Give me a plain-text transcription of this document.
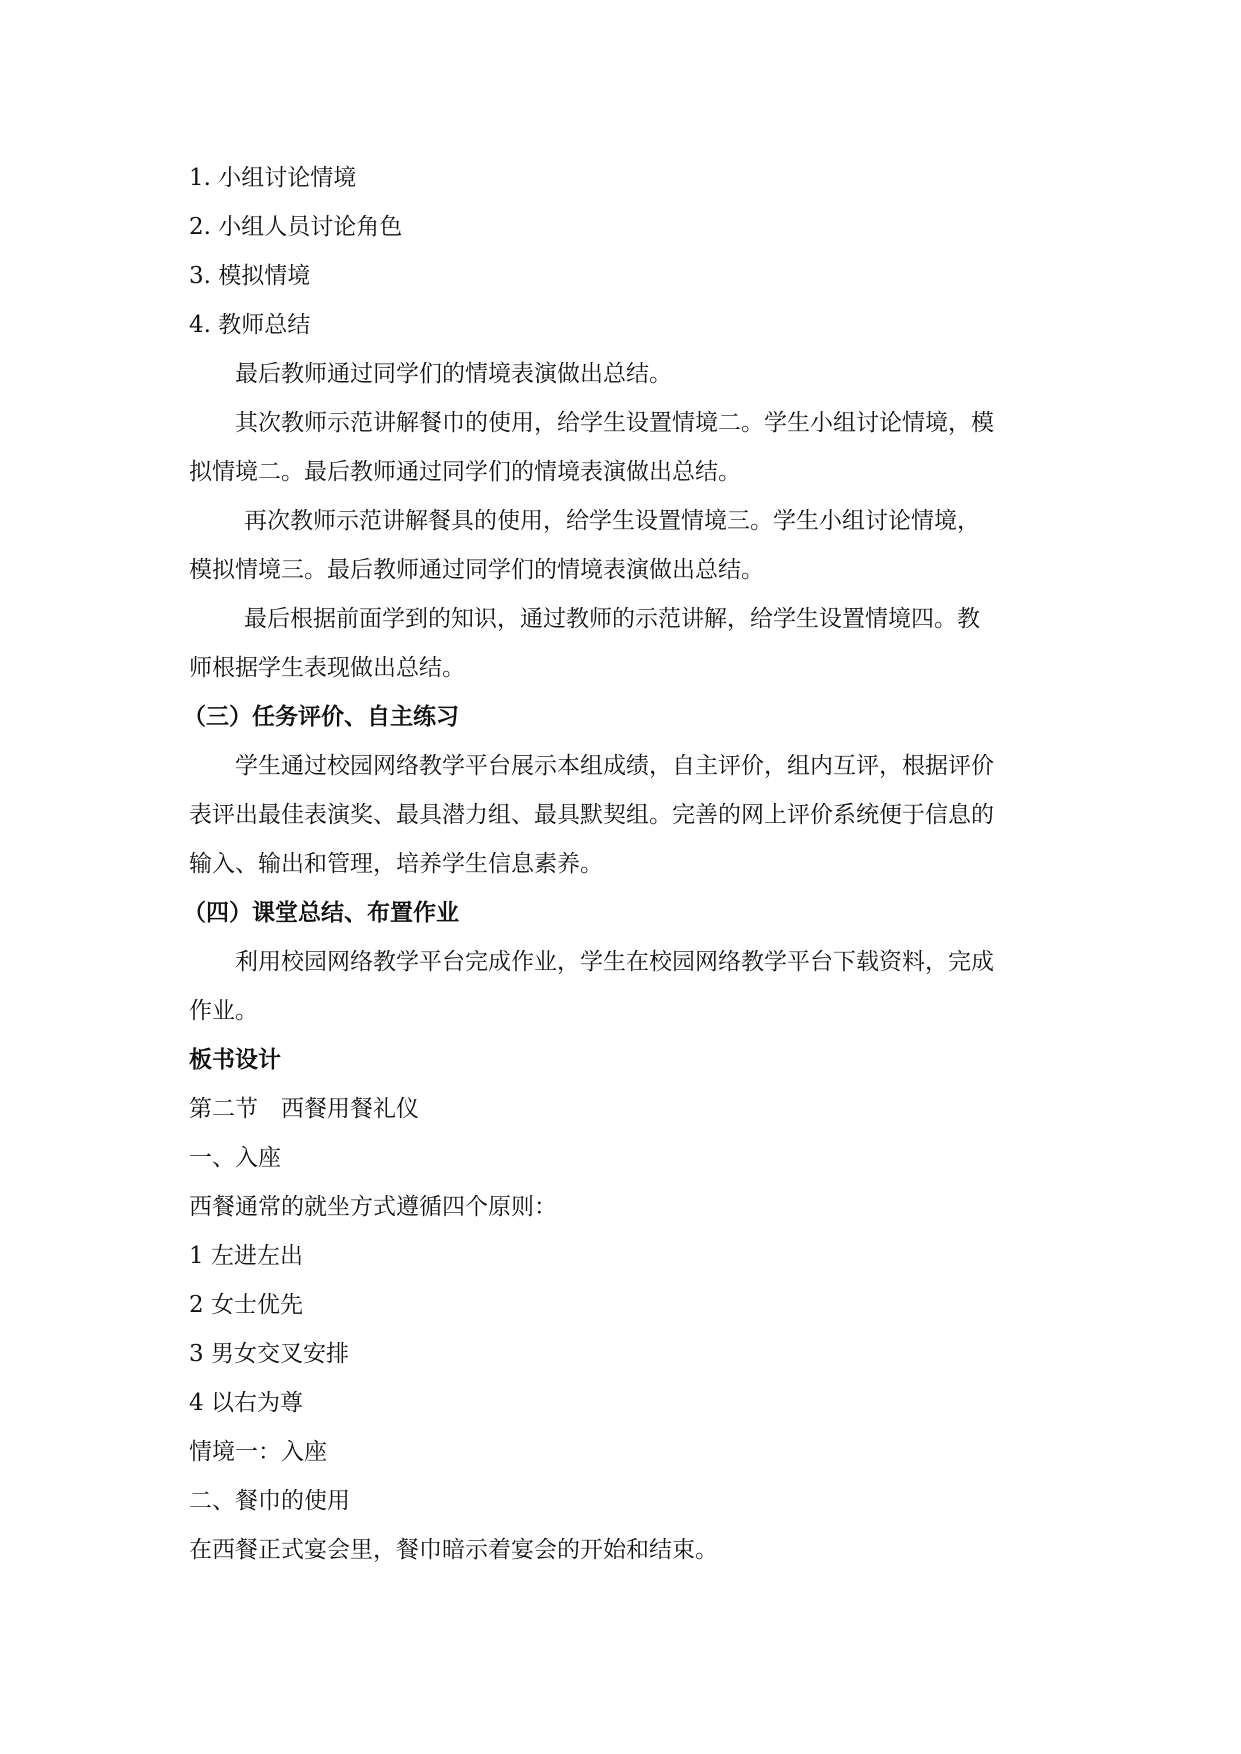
1. 小组讨论情境
2. 小组人员讨论角色
3. 模拟情境
4. 教师总结
最后教师通过同学们的情境表演做出总结。
其次教师示范讲解餐巾的使用，给学生设置情境二。学生小组讨论情境，模
拟情境二。最后教师通过同学们的情境表演做出总结。
再次教师示范讲解餐具的使用，给学生设置情境三。学生小组讨论情境，
模拟情境三。最后教师通过同学们的情境表演做出总结。
最后根据前面学到的知识，通过教师的示范讲解，给学生设置情境四。教
师根据学生表现做出总结。
（三）任务评价、自主练习
学生通过校园网络教学平台展示本组成绩，自主评价，组内互评，根据评价
表评出最佳表演奖、最具潜力组、最具默契组。完善的网上评价系统便于信息的
输入、输出和管理，培养学生信息素养。
（四）课堂总结、布置作业
利用校园网络教学平台完成作业，学生在校园网络教学平台下载资料，完成
作业。
板书设计
第二节　西餐用餐礼仪
一、入座
西餐通常的就坐方式遵循四个原则：
1 左进左出
2 女士优先
3 男女交叉安排
4 以右为尊
情境一：入座
二、餐巾的使用
在西餐正式宴会里，餐巾暗示着宴会的开始和结束。
